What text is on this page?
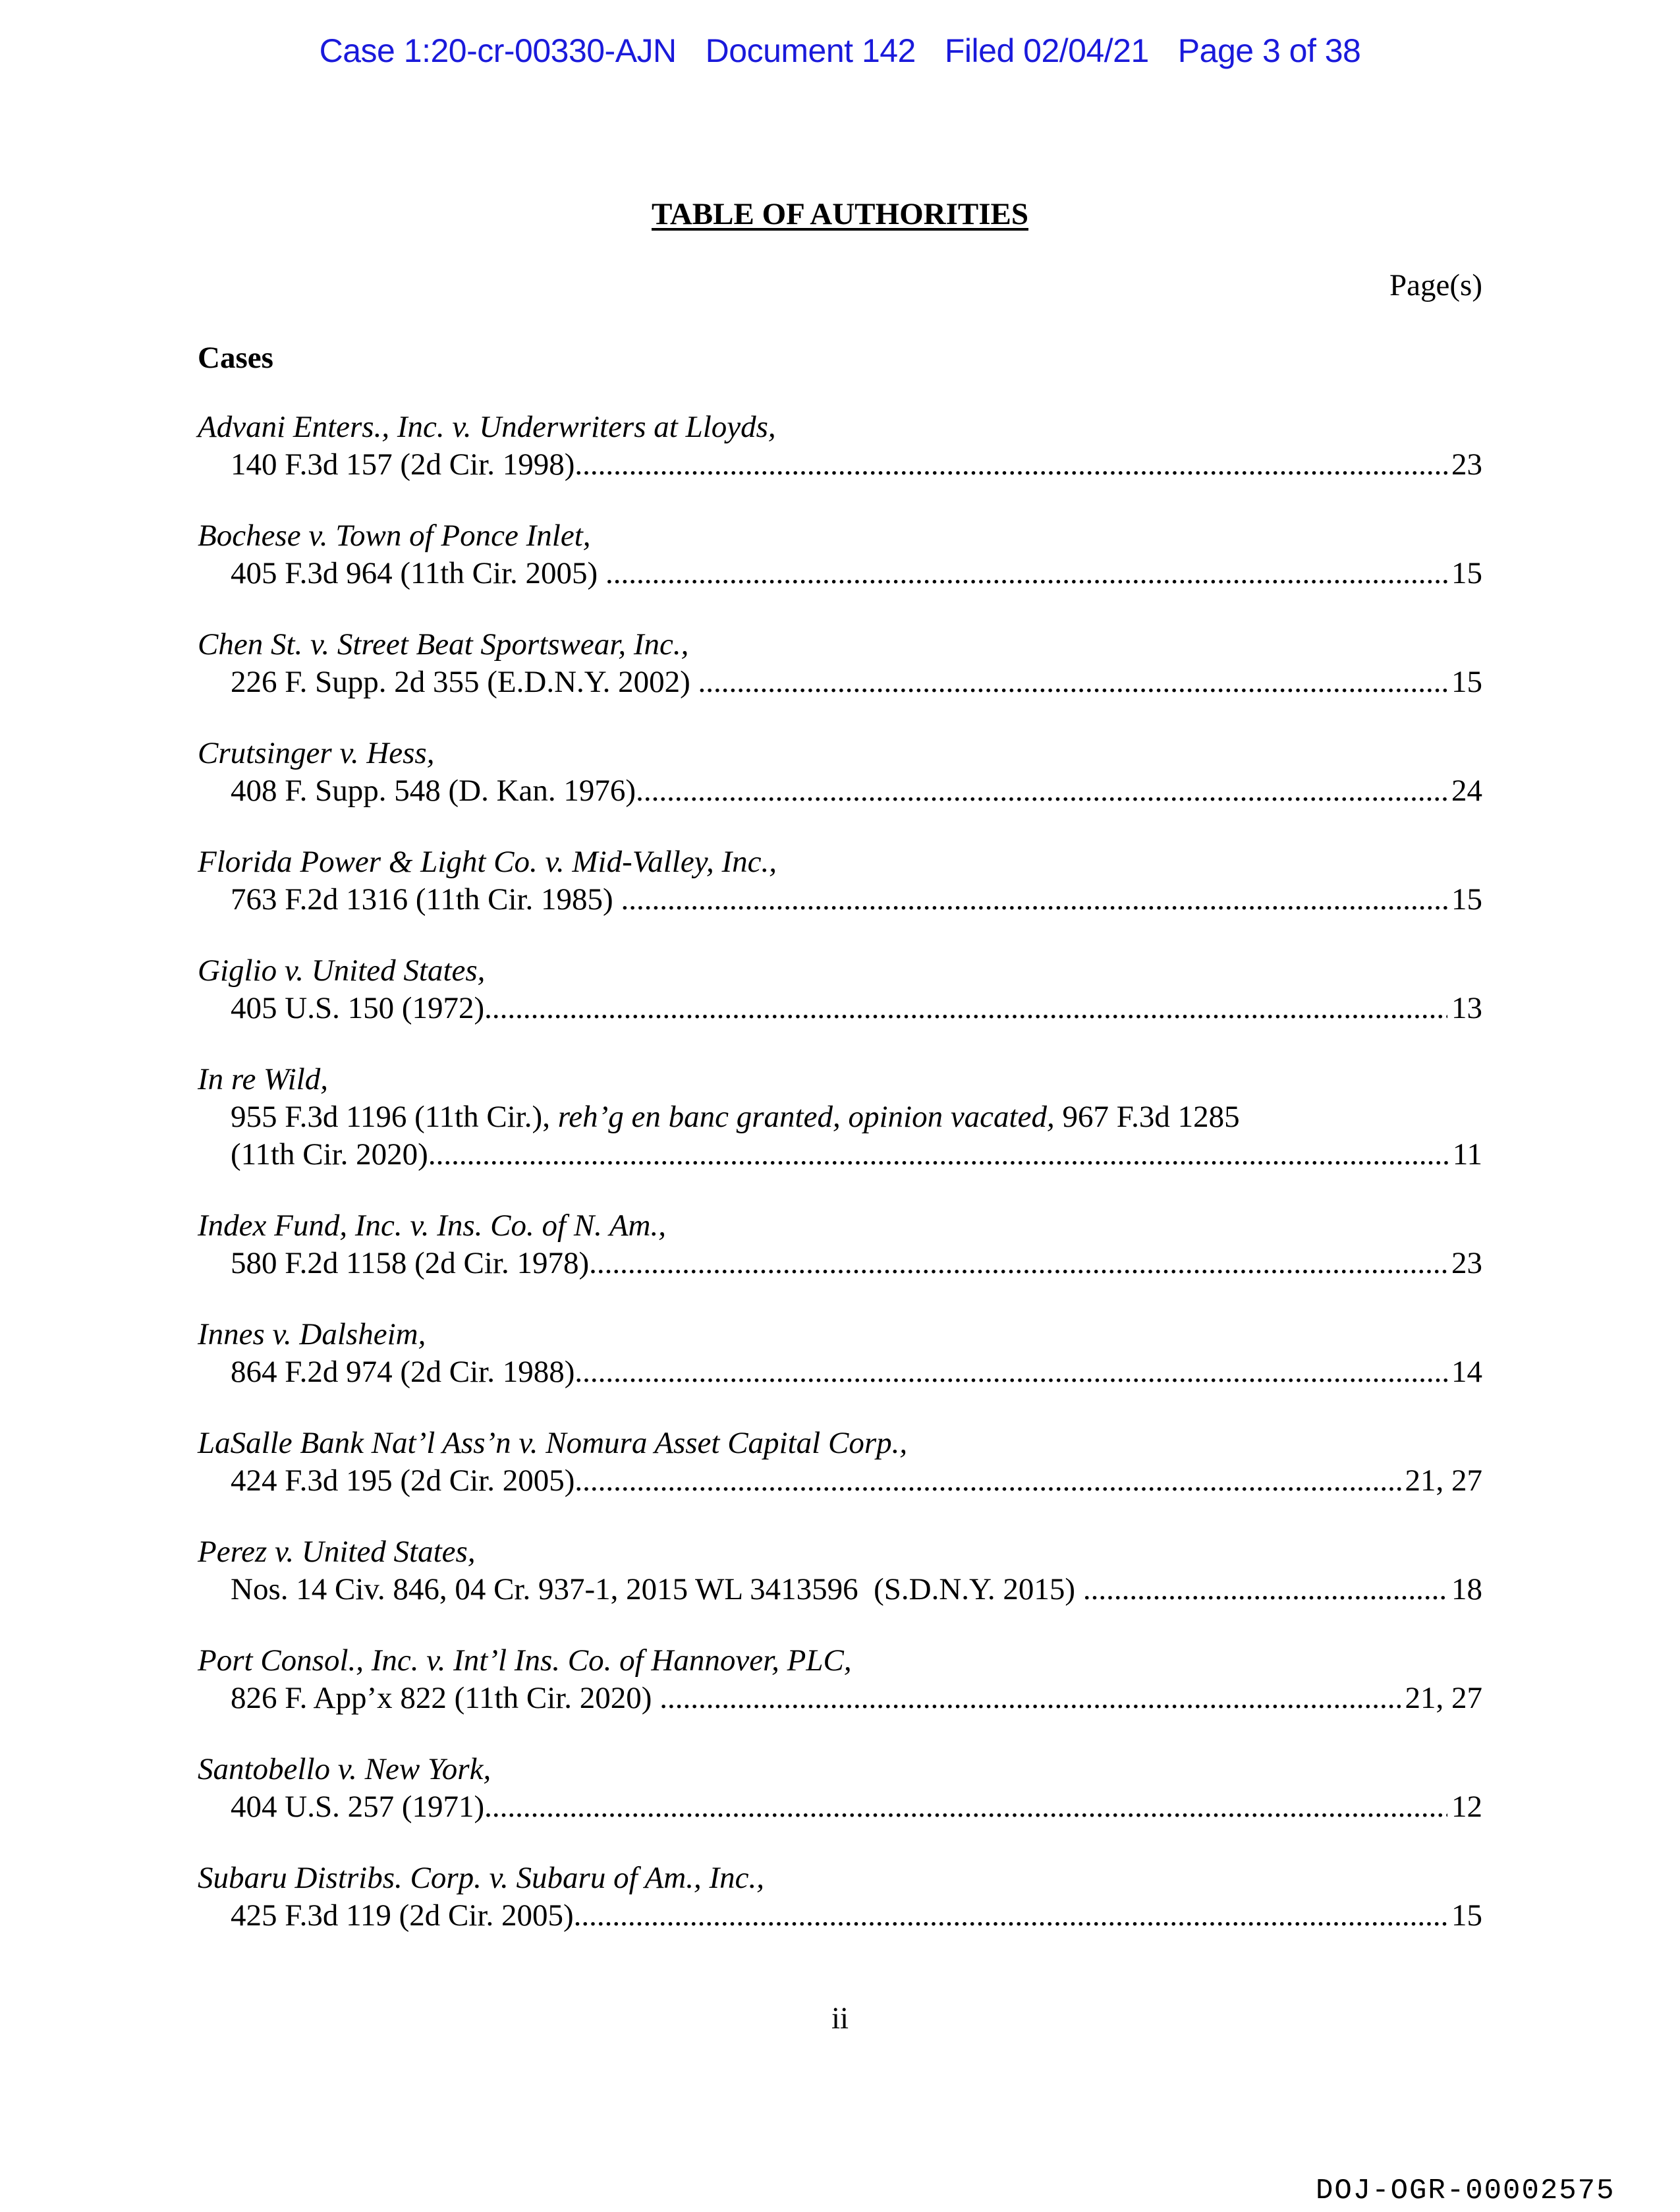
Case 1:20-cr-00330-AJN Document 142 Filed 02/04/21 Page 3 of 38
TABLE OF AUTHORITIES
Page(s)
Cases
Advani Enters., Inc. v. Underwriters at Lloyds,
140 F.3d 157 (2d Cir. 1998) .....	23
Bochese v. Town of Ponce Inlet,
405 F.3d 964 (11th Cir. 2005) .....	15
Chen St. v. Street Beat Sportswear, Inc.,
226 F. Supp. 2d 355 (E.D.N.Y. 2002) .....	15
Crutsinger v. Hess,
408 F. Supp. 548 (D. Kan. 1976) .....	24
Florida Power & Light Co. v. Mid-Valley, Inc.,
763 F.2d 1316 (11th Cir. 1985) .....	15
Giglio v. United States,
405 U.S. 150 (1972) .....	13
In re Wild,
955 F.3d 1196 (11th Cir.), reh’g en banc granted, opinion vacated, 967 F.3d 1285
(11th Cir. 2020) .....	11
Index Fund, Inc. v. Ins. Co. of N. Am.,
580 F.2d 1158 (2d Cir. 1978) .....	23
Innes v. Dalsheim,
864 F.2d 974 (2d Cir. 1988) .....	14
LaSalle Bank Nat’l Ass’n v. Nomura Asset Capital Corp.,
424 F.3d 195 (2d Cir. 2005) .....	21, 27
Perez v. United States,
Nos. 14 Civ. 846, 04 Cr. 937-1, 2015 WL 3413596  (S.D.N.Y. 2015) .....	18
Port Consol., Inc. v. Int’l Ins. Co. of Hannover, PLC,
826 F. App’x 822 (11th Cir. 2020) .....	21, 27
Santobello v. New York,
404 U.S. 257 (1971) .....	12
Subaru Distribs. Corp. v. Subaru of Am., Inc.,
425 F.3d 119 (2d Cir. 2005) .....	15
ii
DOJ-OGR-00002575
